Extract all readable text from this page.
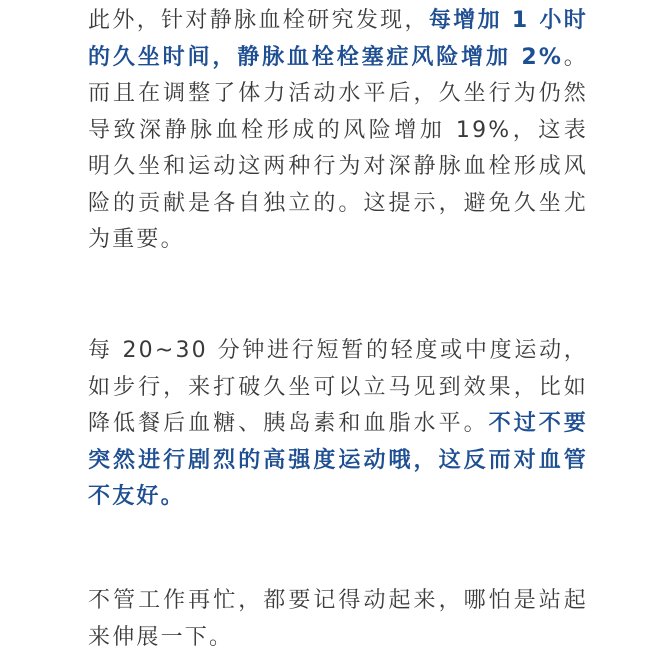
此外，针对静脉血栓研究发现，每增加 1 小时的久坐时间，静脉血栓栓塞症风险增加 2%。而且在调整了体力活动水平后，久坐行为仍然导致深静脉血栓形成的风险增加 19%，这表明久坐和运动这两种行为对深静脉血栓形成风险的贡献是各自独立的。这提示，避免久坐尤为重要。

每 20~30 分钟进行短暂的轻度或中度运动，如步行，来打破久坐可以立马见到效果，比如降低餐后血糖、胰岛素和血脂水平。不过不要突然进行剧烈的高强度运动哦，这反而对血管不友好。

不管工作再忙，都要记得动起来，哪怕是站起来伸展一下。
